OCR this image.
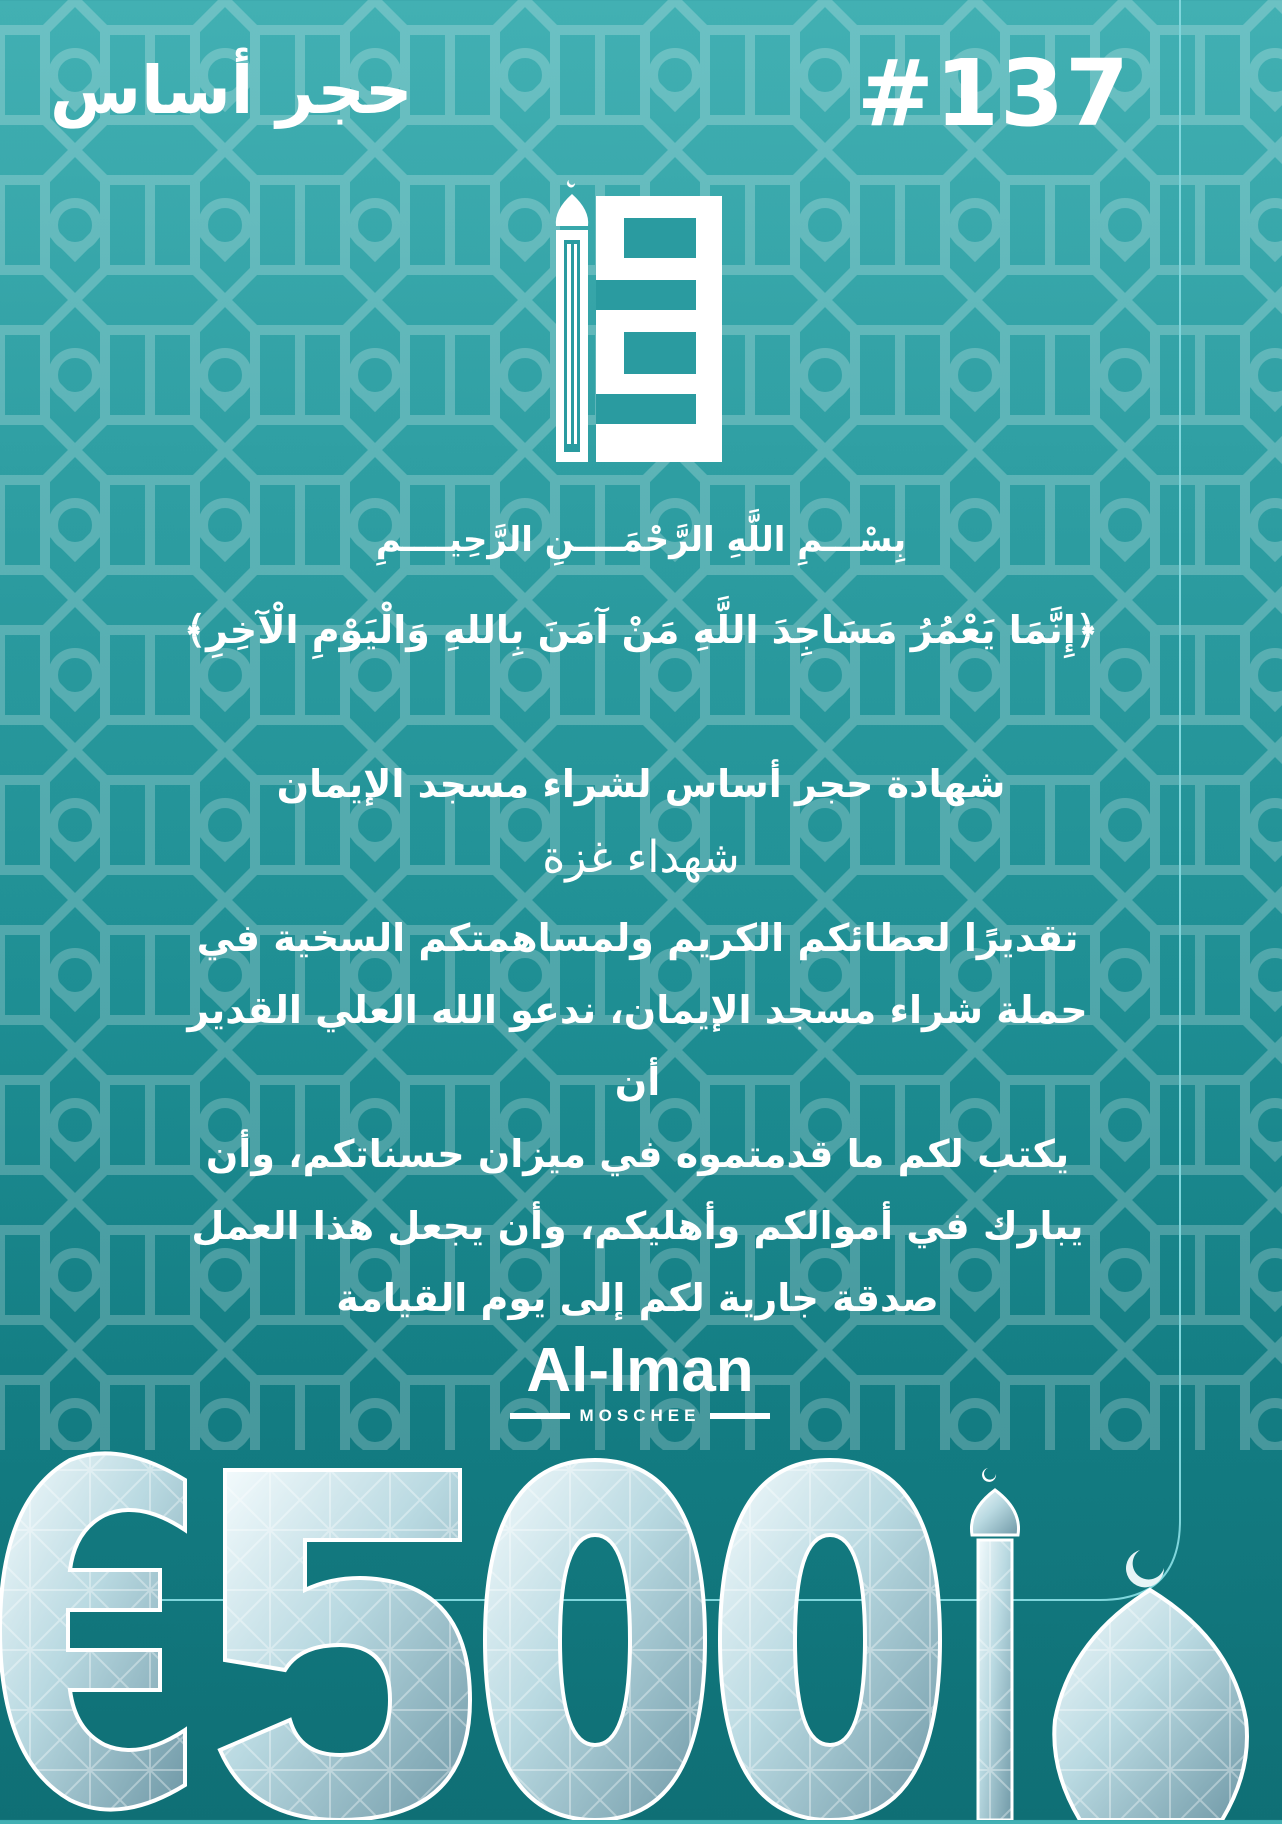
حجر أساس	#137
بِسْـــمِ اللَّهِ الرَّحْمَــــنِ الرَّحِيــــمِ
﴿إِنَّمَا يَعْمُرُ مَسَاجِدَ اللَّهِ مَنْ آمَنَ بِاللهِ وَالْيَوْمِ الْآخِرِ﴾
شهادة حجر أساس لشراء مسجد الإيمان
شهداء غزة
تقديرًا لعطائكم الكريم ولمساهمتكم السخية في
حملة شراء مسجد الإيمان، ندعو الله العلي القدير أن
يكتب لكم ما قدمتموه في ميزان حسناتكم، وأن
يبارك في أموالكم وأهليكم، وأن يجعل هذا العمل
صدقة جارية لكم إلى يوم القيامة
Al-Iman
MOSCHEE
